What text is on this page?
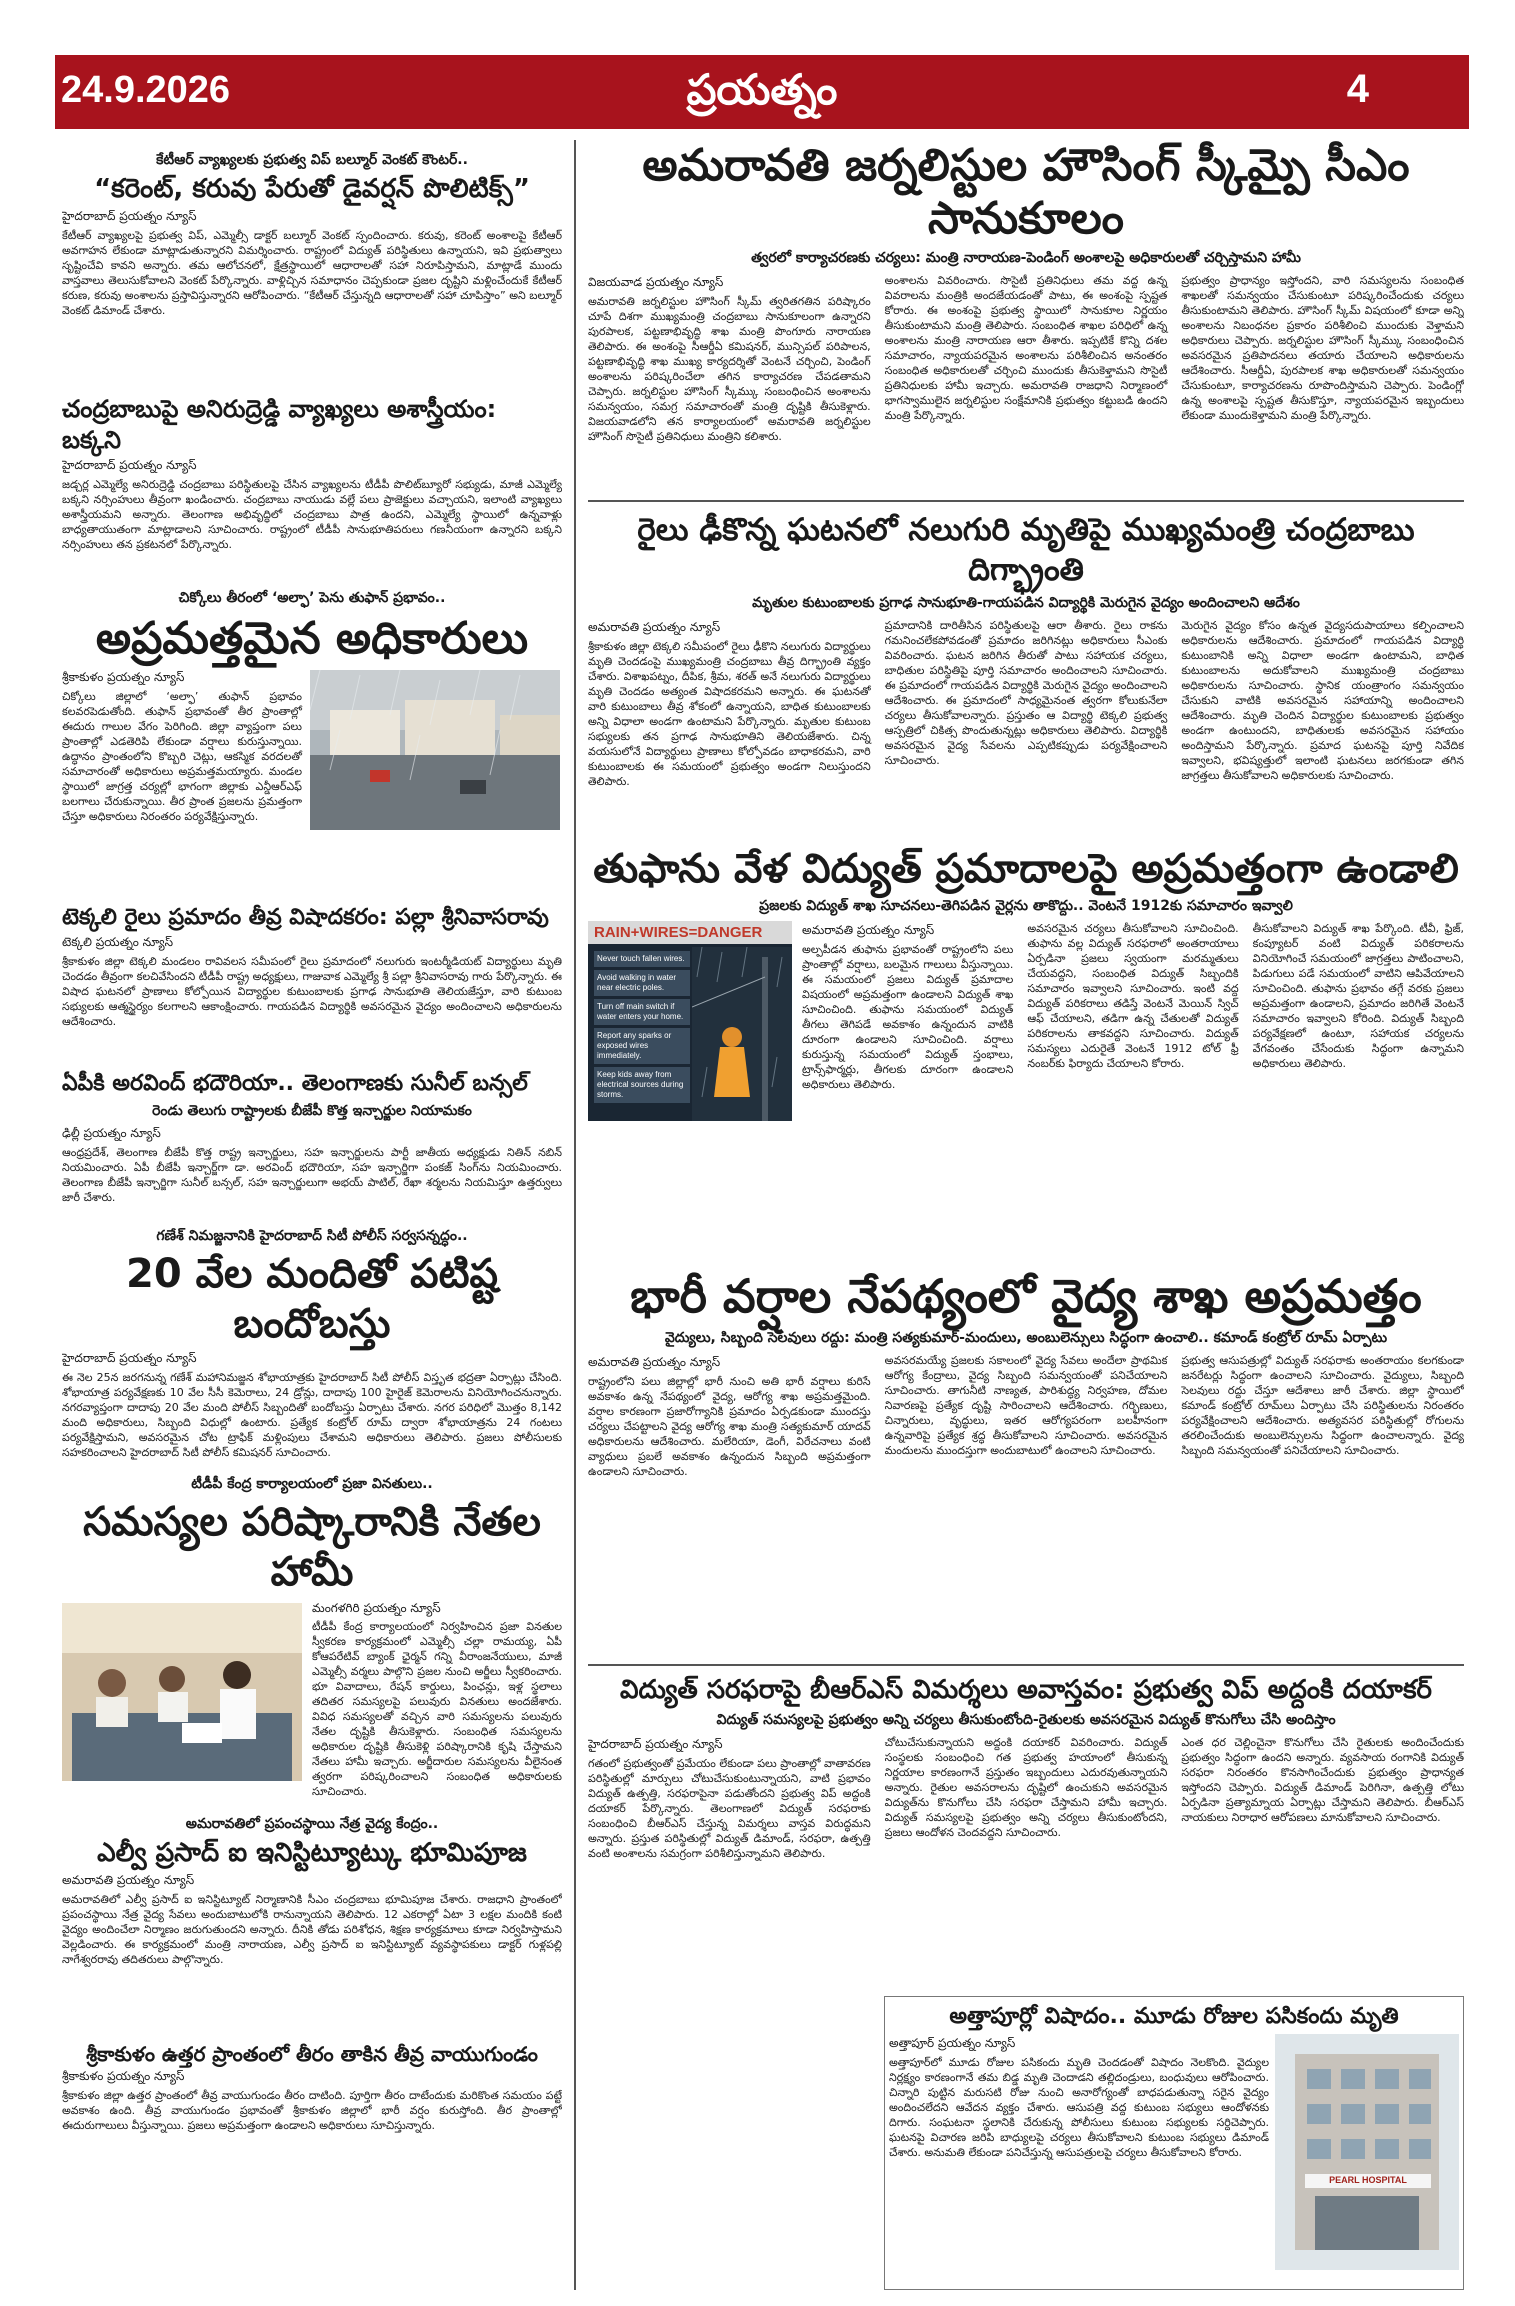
24.9.2026	ప్రయత్నం	4
కేటీఆర్ వ్యాఖ్యలకు ప్రభుత్వ విప్ బల్మూర్ వెంకట్ కౌంటర్..
“కరెంట్, కరువు పేరుతో డైవర్షన్ పొలిటిక్స్”
హైదరాబాద్ ప్రయత్నం న్యూస్

కేటీఆర్ వ్యాఖ్యలపై ప్రభుత్వ విప్, ఎమ్మెల్సీ డాక్టర్ బల్మూర్ వెంకట్ స్పందించారు. కరువు, కరెంట్ అంశాలపై కేటీఆర్ అవగాహన లేకుండా మాట్లాడుతున్నారని విమర్శించారు. రాష్ట్రంలో విద్యుత్ పరిస్థితులు ఉన్నాయని, ఇవి ప్రభుత్వాలు సృష్టించేవి కావని అన్నారు. తమ ఆలోచనలో, క్షేత్రస్థాయిలో ఆధారాలతో సహా నిరూపిస్తామని, మాట్లాడే ముందు వాస్తవాలు తెలుసుకోవాలని వెంకట్ పేర్కొన్నారు. వాళ్లిచ్చిన సమాధానం చెప్పకుండా ప్రజల దృష్టిని మళ్లించేందుకే కేటీఆర్ కరుణ, కరువు అంశాలను ప్రస్తావిస్తున్నారని ఆరోపించారు. “కేటీఆర్ చేస్తున్నది ఆధారాలతో సహా చూపిస్తాం” అని బల్మూర్ వెంకట్ డిమాండ్ చేశారు.

చంద్రబాబుపై అనిరుద్రెడ్డి వ్యాఖ్యలు అశాస్త్రీయం: బక్కని
హైదరాబాద్ ప్రయత్నం న్యూస్

జడ్చర్ల ఎమ్మెల్యే అనిరుద్రెడ్డి చంద్రబాబు పరిస్థితులపై చేసిన వ్యాఖ్యలను టీడీపీ పొలిట్‌బ్యూరో సభ్యుడు, మాజీ ఎమ్మెల్యే బక్కని నర్సింహులు తీవ్రంగా ఖండించారు. చంద్రబాబు నాయుడు వల్లే పలు ప్రాజెక్టులు వచ్చాయని, ఇలాంటి వ్యాఖ్యలు అశాస్త్రీయమని అన్నారు. తెలంగాణ అభివృద్ధిలో చంద్రబాబు పాత్ర ఉందని, ఎమ్మెల్యే స్థాయిలో ఉన్నవాళ్లు బాధ్యతాయుతంగా మాట్లాడాలని సూచించారు. రాష్ట్రంలో టీడీపీ సానుభూతిపరులు గణనీయంగా ఉన్నారని బక్కని నర్సింహులు తన ప్రకటనలో పేర్కొన్నారు.

చిక్కోలు తీరంలో ‘అల్ఫా’ పెను తుఫాన్ ప్రభావం..
అప్రమత్తమైన అధికారులు
శ్రీకాకుళం ప్రయత్నం న్యూస్

చిక్కోలు జిల్లాలో ‘అల్ఫా’ తుఫాన్ ప్రభావం కలవరపెడుతోంది. తుఫాన్ ప్రభావంతో తీర ప్రాంతాల్లో ఈదురు గాలుల వేగం పెరిగింది. జిల్లా వ్యాప్తంగా పలు ప్రాంతాల్లో ఎడతెరిపి లేకుండా వర్షాలు కురుస్తున్నాయి. ఉద్ధానం ప్రాంతంలోని కొబ్బరి చెట్లు, ఆకస్మిక వరదలతో సమాచారంతో అధికారులు అప్రమత్తమయ్యారు. మండల స్థాయిలో జాగ్రత్త చర్యల్లో భాగంగా జిల్లాకు ఎన్డీఆర్ఎఫ్ బలగాలు చేరుకున్నాయి. తీర ప్రాంత ప్రజలను ప్రమత్తంగా చేస్తూ అధికారులు నిరంతరం పర్యవేక్షిస్తున్నారు.

టెక్కలి రైలు ప్రమాదం తీవ్ర విషాదకరం: పల్లా శ్రీనివాసరావు
టెక్కలి ప్రయత్నం న్యూస్

శ్రీకాకుళం జిల్లా టెక్కలి మండలం రావివలస సమీపంలో రైలు ప్రమాదంలో నలుగురు ఇంటర్మీడియట్ విద్యార్థులు మృతి చెందడం తీవ్రంగా కలచివేసిందని టీడీపీ రాష్ట్ర అధ్యక్షులు, గాజువాక ఎమ్మెల్యే శ్రీ పల్లా శ్రీనివాసరావు గారు పేర్కొన్నారు. ఈ విషాద ఘటనలో ప్రాణాలు కోల్పోయిన విద్యార్థుల కుటుంబాలకు ప్రగాఢ సానుభూతి తెలియజేస్తూ, వారి కుటుంబ సభ్యులకు ఆత్మస్థైర్యం కలగాలని ఆకాంక్షించారు. గాయపడిన విద్యార్థికి అవసరమైన వైద్యం అందించాలని అధికారులను ఆదేశించారు.

ఏపీకి అరవింద్ భదౌరియా.. తెలంగాణకు సునీల్ బన్సల్
రెండు తెలుగు రాష్ట్రాలకు బీజేపీ కొత్త ఇన్చార్జుల నియామకం
ఢిల్లీ ప్రయత్నం న్యూస్

ఆంధ్రప్రదేశ్, తెలంగాణ బీజేపీ కొత్త రాష్ట్ర ఇన్చార్జులు, సహ ఇన్చార్జులను పార్టీ జాతీయ అధ్యక్షుడు నితిన్ నబిన్ నియమించారు. ఏపీ బీజేపీ ఇన్చార్జ్‌గా డా. అరవింద్ భదౌరియా, సహ ఇన్చార్జిగా పంకజ్ సింగ్‌ను నియమించారు. తెలంగాణ బీజేపీ ఇన్చార్జిగా సునీల్ బన్సల్, సహ ఇన్చార్జులుగా అభయ్ పాటిల్, రేఖా శర్మలను నియమిస్తూ ఉత్తర్వులు జారీ చేశారు.

గణేశ్ నిమజ్జనానికి హైదరాబాద్ సిటీ పోలీస్ సర్వసన్నద్ధం..
20 వేల మందితో పటిష్ట బందోబస్తు
హైదరాబాద్ ప్రయత్నం న్యూస్

ఈ నెల 25న జరగనున్న గణేశ్ మహానిమజ్జన శోభాయాత్రకు హైదరాబాద్ సిటీ పోలీస్ విస్తృత భద్రతా ఏర్పాట్లు చేసింది. శోభాయాత్ర పర్యవేక్షణకు 10 వేల సీసీ కెమెరాలు, 24 డ్రోన్లు, దాదాపు 100 హైరైజ్ కెమెరాలను వినియోగించనున్నారు. నగరవ్యాప్తంగా దాదాపు 20 వేల మంది పోలీస్ సిబ్బందితో బందోబస్తు ఏర్పాటు చేశారు. నగర పరిధిలో మొత్తం 8,142 మంది అధికారులు, సిబ్బంది విధుల్లో ఉంటారు. ప్రత్యేక కంట్రోల్ రూమ్ ద్వారా శోభాయాత్రను 24 గంటలు పర్యవేక్షిస్తామని, అవసరమైన చోట ట్రాఫిక్ మళ్లింపులు చేశామని అధికారులు తెలిపారు. ప్రజలు పోలీసులకు సహకరించాలని హైదరాబాద్ సిటీ పోలీస్ కమిషనర్ సూచించారు.

టీడీపీ కేంద్ర కార్యాలయంలో ప్రజా వినతులు..
సమస్యల పరిష్కారానికి నేతల హామీ
మంగళగిరి ప్రయత్నం న్యూస్

టీడీపీ కేంద్ర కార్యాలయంలో నిర్వహించిన ప్రజా వినతుల స్వీకరణ కార్యక్రమంలో ఎమ్మెల్సీ చల్లా రామయ్య, ఏపీ కోఆపరేటివ్ బ్యాంక్ ఛైర్మన్ గన్ని వీరాంజనేయులు, మాజీ ఎమ్మెల్సీ వర్మలు పాల్గొని ప్రజల నుంచి అర్జీలు స్వీకరించారు. భూ వివాదాలు, రేషన్ కార్డులు, పింఛన్లు, ఇళ్ల స్థలాలు తదితర సమస్యలపై పలువురు వినతులు అందజేశారు. వివిధ సమస్యలతో వచ్చిన వారి సమస్యలను పలువురు నేతల దృష్టికి తీసుకెళ్లారు. సంబంధిత సమస్యలను అధికారుల దృష్టికి తీసుకెళ్లి పరిష్కారానికి కృషి చేస్తామని నేతలు హామీ ఇచ్చారు. అర్జీదారుల సమస్యలను వీలైనంత త్వరగా పరిష్కరించాలని సంబంధిత అధికారులకు సూచించారు.

అమరావతిలో ప్రపంచస్థాయి నేత్ర వైద్య కేంద్రం..
ఎల్వీ ప్రసాద్ ఐ ఇనిస్టిట్యూట్కు భూమిపూజ
అమరావతి ప్రయత్నం న్యూస్

అమరావతిలో ఎల్వీ ప్రసాద్ ఐ ఇనిస్టిట్యూట్ నిర్మాణానికి సీఎం చంద్రబాబు భూమిపూజ చేశారు. రాజధాని ప్రాంతంలో ప్రపంచస్థాయి నేత్ర వైద్య సేవలు అందుబాటులోకి రానున్నాయని తెలిపారు. 12 ఎకరాల్లో ఏటా 3 లక్షల మందికి కంటి వైద్యం అందించేలా నిర్మాణం జరుగుతుందని అన్నారు. దీనికి తోడు పరిశోధన, శిక్షణ కార్యక్రమాలు కూడా నిర్వహిస్తామని వెల్లడించారు. ఈ కార్యక్రమంలో మంత్రి నారాయణ, ఎల్వీ ప్రసాద్ ఐ ఇనిస్టిట్యూట్ వ్యవస్థాపకులు డాక్టర్ గుళ్లపల్లి నాగేశ్వరరావు తదితరులు పాల్గొన్నారు.

శ్రీకాకుళం ఉత్తర ప్రాంతంలో తీరం తాకిన తీవ్ర వాయుగుండం
శ్రీకాకుళం ప్రయత్నం న్యూస్

శ్రీకాకుళం జిల్లా ఉత్తర ప్రాంతంలో తీవ్ర వాయుగుండం తీరం దాటింది. పూర్తిగా తీరం దాటేందుకు మరికొంత సమయం పట్టే అవకాశం ఉంది. తీవ్ర వాయుగుండం ప్రభావంతో శ్రీకాకుళం జిల్లాలో భారీ వర్షం కురుస్తోంది. తీర ప్రాంతాల్లో ఈదురుగాలులు వీస్తున్నాయి. ప్రజలు అప్రమత్తంగా ఉండాలని అధికారులు సూచిస్తున్నారు.

అమరావతి జర్నలిస్టుల హౌసింగ్ స్కీమ్పై సీఎం సానుకూలం
త్వరలో కార్యాచరణకు చర్యలు: మంత్రి నారాయణ-పెండింగ్ అంశాలపై అధికారులతో చర్చిస్తామని హామీ
విజయవాడ ప్రయత్నం న్యూస్

అమరావతి జర్నలిస్టుల హౌసింగ్ స్కీమ్ త్వరితగతిన పరిష్కారం చూపే దిశగా ముఖ్యమంత్రి చంద్రబాబు సానుకూలంగా ఉన్నారని పురపాలక, పట్టణాభివృద్ధి శాఖ మంత్రి పొంగూరు నారాయణ తెలిపారు. ఈ అంశంపై సీఆర్డీఏ కమిషనర్, మున్సిపల్ పరిపాలన, పట్టణాభివృద్ధి శాఖ ముఖ్య కార్యదర్శితో వెంటనే చర్చించి, పెండింగ్ అంశాలను పరిష్కరించేలా తగిన కార్యాచరణ చేపడతామని చెప్పారు. జర్నలిస్టుల హౌసింగ్ స్కీమ్కు సంబంధించిన అంశాలను సమన్వయం, సమగ్ర సమాచారంతో మంత్రి దృష్టికి తీసుకెళ్లారు. విజయవాడలోని తన కార్యాలయంలో అమరావతి జర్నలిస్టుల హౌసింగ్ సొసైటీ ప్రతినిధులు మంత్రిని కలిశారు.

అంశాలను వివరించారు. సొసైటీ ప్రతినిధులు తమ వద్ద ఉన్న వివరాలను మంత్రికి అందజేయడంతో పాటు, ఈ అంశంపై స్పష్టత కోరారు. ఈ అంశంపై ప్రభుత్వ స్థాయిలో సానుకూల నిర్ణయం తీసుకుంటామని మంత్రి తెలిపారు. సంబంధిత శాఖల పరిధిలో ఉన్న అంశాలను మంత్రి నారాయణ ఆరా తీశారు. ఇప్పటికే కొన్ని దశల సమాచారం, న్యాయపరమైన అంశాలను పరిశీలించిన అనంతరం సంబంధిత అధికారులతో చర్చించి ముందుకు తీసుకెళ్తామని సొసైటీ ప్రతినిధులకు హామీ ఇచ్చారు. అమరావతి రాజధాని నిర్మాణంలో భాగస్వాములైన జర్నలిస్టుల సంక్షేమానికి ప్రభుత్వం కట్టుబడి ఉందని మంత్రి పేర్కొన్నారు.

ప్రభుత్వం ప్రాధాన్యం ఇస్తోందని, వారి సమస్యలను సంబంధిత శాఖలతో సమన్వయం చేసుకుంటూ పరిష్కరించేందుకు చర్యలు తీసుకుంటామని తెలిపారు. హౌసింగ్ స్కీమ్ విషయంలో కూడా అన్ని అంశాలను నిబంధనల ప్రకారం పరిశీలించి ముందుకు వెళ్తామని అధికారులు చెప్పారు. జర్నలిస్టుల హౌసింగ్ స్కీమ్కు సంబంధించిన అవసరమైన ప్రతిపాదనలు తయారు చేయాలని అధికారులను ఆదేశించారు. సీఆర్డీఏ, పురపాలక శాఖ అధికారులతో సమన్వయం చేసుకుంటూ, కార్యాచరణను రూపొందిస్తామని చెప్పారు. పెండింగ్లో ఉన్న అంశాలపై స్పష్టత తీసుకొస్తూ, న్యాయపరమైన ఇబ్బందులు లేకుండా ముందుకెళ్తామని మంత్రి పేర్కొన్నారు.

రైలు ఢీకొన్న ఘటనలో నలుగురి మృతిపై ముఖ్యమంత్రి చంద్రబాబు దిగ్భ్రాంతి
మృతుల కుటుంబాలకు ప్రగాఢ సానుభూతి-గాయపడిన విద్యార్థికి మెరుగైన వైద్యం అందించాలని ఆదేశం
అమరావతి ప్రయత్నం న్యూస్

శ్రీకాకుళం జిల్లా టెక్కలి సమీపంలో రైలు ఢీకొని నలుగురు విద్యార్థులు మృతి చెందడంపై ముఖ్యమంత్రి చంద్రబాబు తీవ్ర దిగ్భ్రాంతి వ్యక్తం చేశారు. విశాఖపట్నం, దీపిక, శ్రీమ, శరత్ అనే నలుగురు విద్యార్థులు మృతి చెందడం అత్యంత విషాదకరమని అన్నారు. ఈ ఘటనతో వారి కుటుంబాలు తీవ్ర శోకంలో ఉన్నాయని, బాధిత కుటుంబాలకు అన్ని విధాలా అండగా ఉంటామని పేర్కొన్నారు. మృతుల కుటుంబ సభ్యులకు తన ప్రగాఢ సానుభూతిని తెలియజేశారు. చిన్న వయసులోనే విద్యార్థులు ప్రాణాలు కోల్పోవడం బాధాకరమని, వారి కుటుంబాలకు ఈ సమయంలో ప్రభుత్వం అండగా నిలుస్తుందని తెలిపారు.

ప్రమాదానికి దారితీసిన పరిస్థితులపై ఆరా తీశారు. రైలు రాకను గమనించలేకపోవడంతో ప్రమాదం జరిగినట్లు అధికారులు సీఎంకు వివరించారు. ఘటన జరిగిన తీరుతో పాటు సహాయక చర్యలు, బాధితుల పరిస్థితిపై పూర్తి సమాచారం అందించాలని సూచించారు. ఈ ప్రమాదంలో గాయపడిన విద్యార్థికి మెరుగైన వైద్యం అందించాలని ఆదేశించారు. ఈ ప్రమాదంలో సాధ్యమైనంత త్వరగా కోలుకునేలా చర్యలు తీసుకోవాలన్నారు. ప్రస్తుతం ఆ విద్యార్థి టెక్కలి ప్రభుత్వ ఆస్పత్రిలో చికిత్స పొందుతున్నట్లు అధికారులు తెలిపారు. విద్యార్థికి అవసరమైన వైద్య సేవలను ఎప్పటికప్పుడు పర్యవేక్షించాలని సూచించారు.

మెరుగైన వైద్యం కోసం ఉన్నత వైద్యసదుపాయాలు కల్పించాలని అధికారులను ఆదేశించారు. ప్రమాదంలో గాయపడిన విద్యార్థి కుటుంబానికి అన్ని విధాలా అండగా ఉంటామని, బాధిత కుటుంబాలను అదుకోవాలని ముఖ్యమంత్రి చంద్రబాబు అధికారులను సూచించారు. స్థానిక యంత్రాంగం సమన్వయం చేసుకుని వాటికి అవసరమైన సహాయాన్ని అందించాలని ఆదేశించారు. మృతి చెందిన విద్యార్థుల కుటుంబాలకు ప్రభుత్వం అండగా ఉంటుందని, బాధితులకు అవసరమైన సహాయం అందిస్తామని పేర్కొన్నారు. ప్రమాద ఘటనపై పూర్తి నివేదిక ఇవ్వాలని, భవిష్యత్తులో ఇలాంటి ఘటనలు జరగకుండా తగిన జాగ్రత్తలు తీసుకోవాలని అధికారులకు సూచించారు.

తుఫాను వేళ విద్యుత్ ప్రమాదాలపై అప్రమత్తంగా ఉండాలి
ప్రజలకు విద్యుత్ శాఖ సూచనలు-తెగిపడిన వైర్లను తాకొద్దు.. వెంటనే 1912కు సమాచారం ఇవ్వాలి
RAIN+WIRES=DANGER
Never touch fallen wires.
Avoid walking in water near electric poles.
Turn off main switch if water enters your home.
Report any sparks or exposed wires immediately.
Keep kids away from electrical sources during storms.
అమరావతి ప్రయత్నం న్యూస్

అల్పపీడన తుఫాను ప్రభావంతో రాష్ట్రంలోని పలు ప్రాంతాల్లో వర్షాలు, బలమైన గాలులు వీస్తున్నాయి. ఈ సమయంలో ప్రజలు విద్యుత్ ప్రమాదాల విషయంలో అప్రమత్తంగా ఉండాలని విద్యుత్ శాఖ సూచించింది. తుఫాను సమయంలో విద్యుత్ తీగలు తెగిపడే అవకాశం ఉన్నందున వాటికి దూరంగా ఉండాలని సూచించింది. వర్షాలు కురుస్తున్న సమయంలో విద్యుత్ స్తంభాలు, ట్రాన్స్‌ఫార్మర్లు, తీగలకు దూరంగా ఉండాలని అధికారులు తెలిపారు.

అవసరమైన చర్యలు తీసుకోవాలని సూచించింది. తుఫాను వల్ల విద్యుత్ సరఫరాలో అంతరాయాలు ఏర్పడినా ప్రజలు స్వయంగా మరమ్మతులు చేయవద్దని, సంబంధిత విద్యుత్ సిబ్బందికి సమాచారం ఇవ్వాలని సూచించారు. ఇంటి వద్ద విద్యుత్ పరికరాలు తడిస్తే వెంటనే మెయిన్ స్విచ్ ఆఫ్ చేయాలని, తడిగా ఉన్న చేతులతో విద్యుత్ పరికరాలను తాకవద్దని సూచించారు. విద్యుత్ సమస్యలు ఎదురైతే వెంటనే 1912 టోల్ ఫ్రీ నంబర్‌కు ఫిర్యాదు చేయాలని కోరారు.

తీసుకోవాలని విద్యుత్ శాఖ పేర్కొంది. టీవీ, ఫ్రిజ్, కంప్యూటర్ వంటి విద్యుత్ పరికరాలను వినియోగించే సమయంలో జాగ్రత్తలు పాటించాలని, పిడుగులు పడే సమయంలో వాటిని ఆపివేయాలని సూచించింది. తుఫాను ప్రభావం తగ్గే వరకు ప్రజలు అప్రమత్తంగా ఉండాలని, ప్రమాదం జరిగితే వెంటనే సమాచారం ఇవ్వాలని కోరింది. విద్యుత్ సిబ్బంది పర్యవేక్షణలో ఉంటూ, సహాయక చర్యలను వేగవంతం చేసేందుకు సిద్ధంగా ఉన్నామని అధికారులు తెలిపారు.

భారీ వర్షాల నేపథ్యంలో వైద్య శాఖ అప్రమత్తం
వైద్యులు, సిబ్బంది సెలవులు రద్దు: మంత్రి సత్యకుమార్-మందులు, అంబులెన్సులు సిద్ధంగా ఉంచాలి.. కమాండ్ కంట్రోల్ రూమ్ ఏర్పాటు
అమరావతి ప్రయత్నం న్యూస్

రాష్ట్రంలోని పలు జిల్లాల్లో భారీ నుంచి అతి భారీ వర్షాలు కురిసే అవకాశం ఉన్న నేపథ్యంలో వైద్య, ఆరోగ్య శాఖ అప్రమత్తమైంది. వర్షాల కారణంగా ప్రజారోగ్యానికి ప్రమాదం ఏర్పడకుండా ముందస్తు చర్యలు చేపట్టాలని వైద్య ఆరోగ్య శాఖ మంత్రి సత్యకుమార్ యాదవ్ అధికారులను ఆదేశించారు. మలేరియా, డెంగీ, విరేచనాలు వంటి వ్యాధులు ప్రబలే అవకాశం ఉన్నందున సిబ్బంది అప్రమత్తంగా ఉండాలని సూచించారు.

అవసరమయ్యే ప్రజలకు సకాలంలో వైద్య సేవలు అందేలా ప్రాథమిక ఆరోగ్య కేంద్రాలు, వైద్య సిబ్బంది సమన్వయంతో పనిచేయాలని సూచించారు. తాగునీటి నాణ్యత, పారిశుద్ధ్య నిర్వహణ, దోమల నివారణపై ప్రత్యేక దృష్టి సారించాలని ఆదేశించారు. గర్భిణులు, చిన్నారులు, వృద్ధులు, ఇతర ఆరోగ్యపరంగా బలహీనంగా ఉన్నవారిపై ప్రత్యేక శ్రద్ధ తీసుకోవాలని సూచించారు. అవసరమైన మందులను ముందస్తుగా అందుబాటులో ఉంచాలని సూచించారు.

ప్రభుత్వ ఆసుపత్రుల్లో విద్యుత్ సరఫరాకు అంతరాయం కలగకుండా జనరేటర్లు సిద్ధంగా ఉంచాలని సూచించారు. వైద్యులు, సిబ్బంది సెలవులు రద్దు చేస్తూ ఆదేశాలు జారీ చేశారు. జిల్లా స్థాయిలో కమాండ్ కంట్రోల్ రూమ్‌లు ఏర్పాటు చేసి పరిస్థితులను నిరంతరం పర్యవేక్షించాలని ఆదేశించారు. అత్యవసర పరిస్థితుల్లో రోగులను తరలించేందుకు అంబులెన్సులను సిద్ధంగా ఉంచాలన్నారు. వైద్య సిబ్బంది సమన్వయంతో పనిచేయాలని సూచించారు.

విద్యుత్ సరఫరాపై బీఆర్ఎస్ విమర్శలు అవాస్తవం: ప్రభుత్వ విప్ అద్దంకి దయాకర్
విద్యుత్ సమస్యలపై ప్రభుత్వం అన్ని చర్యలు తీసుకుంటోంది-రైతులకు అవసరమైన విద్యుత్ కొనుగోలు చేసి అందిస్తాం
హైదరాబాద్ ప్రయత్నం న్యూస్

గతంలో ప్రభుత్వంతో ప్రమేయం లేకుండా పలు ప్రాంతాల్లో వాతావరణ పరిస్థితుల్లో మార్పులు చోటుచేసుకుంటున్నాయని, వాటి ప్రభావం విద్యుత్ ఉత్పత్తి, సరఫరాపైనా పడుతోందని ప్రభుత్వ విప్ అద్దంకి దయాకర్ పేర్కొన్నారు. తెలంగాణలో విద్యుత్ సరఫరాకు సంబంధించి బీఆర్ఎస్ చేస్తున్న విమర్శలు వాస్తవ విరుద్ధమని అన్నారు. ప్రస్తుత పరిస్థితుల్లో విద్యుత్ డిమాండ్, సరఫరా, ఉత్పత్తి వంటి అంశాలను సమగ్రంగా పరిశీలిస్తున్నామని తెలిపారు.

చోటుచేసుకున్నాయని అద్దంకి దయాకర్ వివరించారు. విద్యుత్ సంస్థలకు సంబంధించి గత ప్రభుత్వ హయాంలో తీసుకున్న నిర్ణయాల కారణంగానే ప్రస్తుతం ఇబ్బందులు ఎదురవుతున్నాయని అన్నారు. రైతుల అవసరాలను దృష్టిలో ఉంచుకుని అవసరమైన విద్యుత్‌ను కొనుగోలు చేసి సరఫరా చేస్తామని హామీ ఇచ్చారు. విద్యుత్ సమస్యలపై ప్రభుత్వం అన్ని చర్యలు తీసుకుంటోందని, ప్రజలు ఆందోళన చెందవద్దని సూచించారు.

ఎంత ధర చెల్లించైనా కొనుగోలు చేసి రైతులకు అందించేందుకు ప్రభుత్వం సిద్ధంగా ఉందని అన్నారు. వ్యవసాయ రంగానికి విద్యుత్ సరఫరా నిరంతరం కొనసాగించేందుకు ప్రభుత్వం ప్రాధాన్యత ఇస్తోందని చెప్పారు. విద్యుత్ డిమాండ్ పెరిగినా, ఉత్పత్తి లోటు ఏర్పడినా ప్రత్యామ్నాయ ఏర్పాట్లు చేస్తామని తెలిపారు. బీఆర్ఎస్ నాయకులు నిరాధార ఆరోపణలు మానుకోవాలని సూచించారు.

అత్తాపూర్లో విషాదం.. మూడు రోజుల పసికందు మృతి
అత్తాపూర్ ప్రయత్నం న్యూస్

అత్తాపూర్‌లో మూడు రోజుల పసికందు మృతి చెందడంతో విషాదం నెలకొంది. వైద్యుల నిర్లక్ష్యం కారణంగానే తమ బిడ్డ మృతి చెందాడని తల్లిదండ్రులు, బంధువులు ఆరోపించారు. చిన్నారి పుట్టిన మరుసటి రోజు నుంచి అనారోగ్యంతో బాధపడుతున్నా సరైన వైద్యం అందించలేదని ఆవేదన వ్యక్తం చేశారు. ఆసుపత్రి వద్ద కుటుంబ సభ్యులు ఆందోళనకు దిగారు. సంఘటనా స్థలానికి చేరుకున్న పోలీసులు కుటుంబ సభ్యులకు సర్దిచెప్పారు. ఘటనపై విచారణ జరిపి బాధ్యులపై చర్యలు తీసుకోవాలని కుటుంబ సభ్యులు డిమాండ్ చేశారు. అనుమతి లేకుండా పనిచేస్తున్న ఆసుపత్రులపై చర్యలు తీసుకోవాలని కోరారు.

PEARL HOSPITAL
